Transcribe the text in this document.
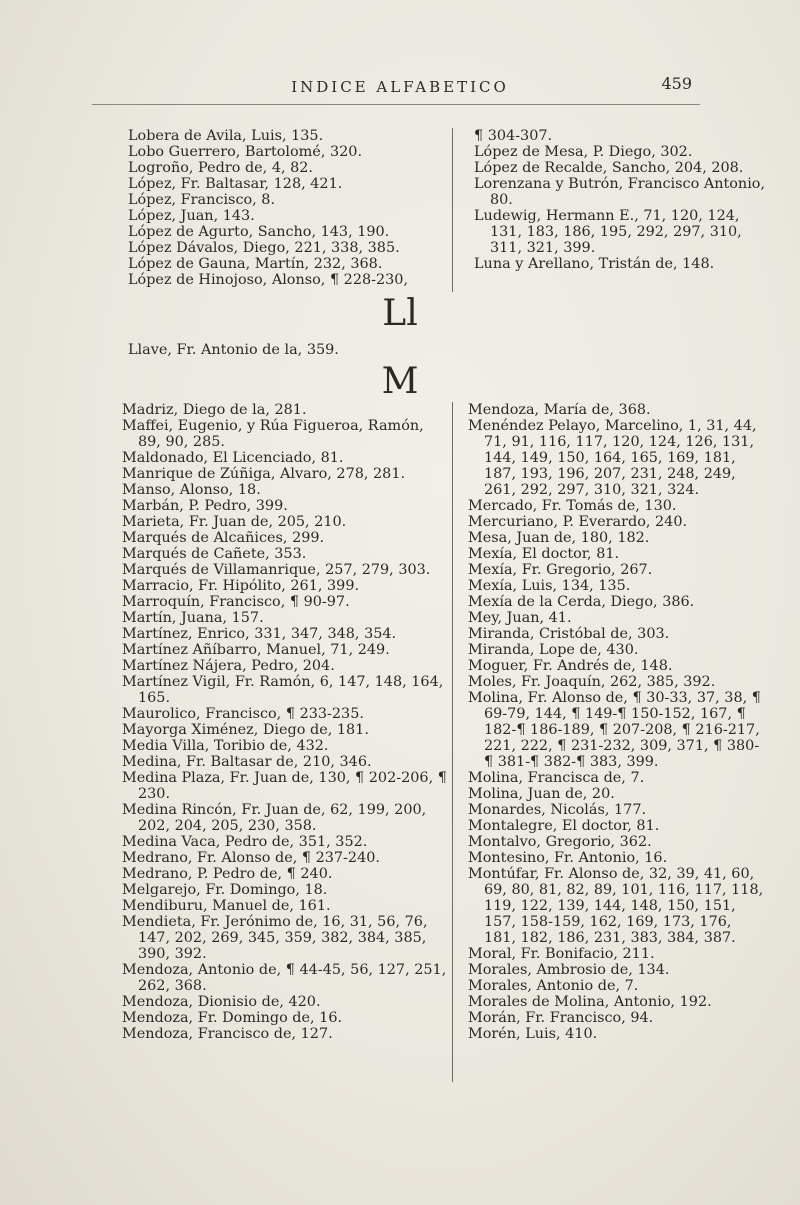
INDICE ALFABETICO	459

Lobera de Avila, Luis, 135.

Lobo Guerrero, Bartolomé, 320.

Logroño, Pedro de, 4, 82.

López, Fr. Baltasar, 128, 421.

López, Francisco, 8.

López, Juan, 143.

López de Agurto, Sancho, 143, 190.

López Dávalos, Diego, 221, 338, 385.

López de Gauna, Martín, 232, 368.

López de Hinojoso, Alonso, ¶ 228-230,

¶ 304-307.

López de Mesa, P. Diego, 302.

López de Recalde, Sancho, 204, 208.

Lorenzana y Butrón, Francisco Antonio, 80.

Ludewig, Hermann E., 71, 120, 124, 131, 183, 186, 195, 292, 297, 310, 311, 321, 399.

Luna y Arellano, Tristán de, 148.

Ll

Llave, Fr. Antonio de la, 359.

M

Madriz, Diego de la, 281.

Maffei, Eugenio, y Rúa Figueroa, Ramón, 89, 90, 285.

Maldonado, El Licenciado, 81.

Manrique de Zúñiga, Alvaro, 278, 281.

Manso, Alonso, 18.

Marbán, P. Pedro, 399.

Marieta, Fr. Juan de, 205, 210.

Marqués de Alcañices, 299.

Marqués de Cañete, 353.

Marqués de Villamanrique, 257, 279, 303.

Marracio, Fr. Hipólito, 261, 399.

Marroquín, Francisco, ¶ 90-97.

Martín, Juana, 157.

Martínez, Enrico, 331, 347, 348, 354.

Martínez Añíbarro, Manuel, 71, 249.

Martínez Nájera, Pedro, 204.

Martínez Vigil, Fr. Ramón, 6, 147, 148, 164, 165.

Maurolico, Francisco, ¶ 233-235.

Mayorga Ximénez, Diego de, 181.

Media Villa, Toribio de, 432.

Medina, Fr. Baltasar de, 210, 346.

Medina Plaza, Fr. Juan de, 130, ¶ 202-206, ¶ 230.

Medina Rincón, Fr. Juan de, 62, 199, 200, 202, 204, 205, 230, 358.

Medina Vaca, Pedro de, 351, 352.

Medrano, Fr. Alonso de, ¶ 237-240.

Medrano, P. Pedro de, ¶ 240.

Melgarejo, Fr. Domingo, 18.

Mendiburu, Manuel de, 161.

Mendieta, Fr. Jerónimo de, 16, 31, 56, 76, 147, 202, 269, 345, 359, 382, 384, 385, 390, 392.

Mendoza, Antonio de, ¶ 44-45, 56, 127, 251, 262, 368.

Mendoza, Dionisio de, 420.

Mendoza, Fr. Domingo de, 16.

Mendoza, Francisco de, 127.

Mendoza, María de, 368.

Menéndez Pelayo, Marcelino, 1, 31, 44, 71, 91, 116, 117, 120, 124, 126, 131, 144, 149, 150, 164, 165, 169, 181, 187, 193, 196, 207, 231, 248, 249, 261, 292, 297, 310, 321, 324.

Mercado, Fr. Tomás de, 130.

Mercuriano, P. Everardo, 240.

Mesa, Juan de, 180, 182.

Mexía, El doctor, 81.

Mexía, Fr. Gregorio, 267.

Mexía, Luis, 134, 135.

Mexía de la Cerda, Diego, 386.

Mey, Juan, 41.

Miranda, Cristóbal de, 303.

Miranda, Lope de, 430.

Moguer, Fr. Andrés de, 148.

Moles, Fr. Joaquín, 262, 385, 392.

Molina, Fr. Alonso de, ¶ 30-33, 37, 38, ¶ 69-79, 144, ¶ 149-¶ 150-152, 167, ¶ 182-¶ 186-189, ¶ 207-208, ¶ 216-217, 221, 222, ¶ 231-232, 309, 371, ¶ 380-¶ 381-¶ 382-¶ 383, 399.

Molina, Francisca de, 7.

Molina, Juan de, 20.

Monardes, Nicolás, 177.

Montalegre, El doctor, 81.

Montalvo, Gregorio, 362.

Montesino, Fr. Antonio, 16.

Montúfar, Fr. Alonso de, 32, 39, 41, 60, 69, 80, 81, 82, 89, 101, 116, 117, 118, 119, 122, 139, 144, 148, 150, 151, 157, 158-159, 162, 169, 173, 176, 181, 182, 186, 231, 383, 384, 387.

Moral, Fr. Bonifacio, 211.

Morales, Ambrosio de, 134.

Morales, Antonio de, 7.

Morales de Molina, Antonio, 192.

Morán, Fr. Francisco, 94.

Morén, Luis, 410.
